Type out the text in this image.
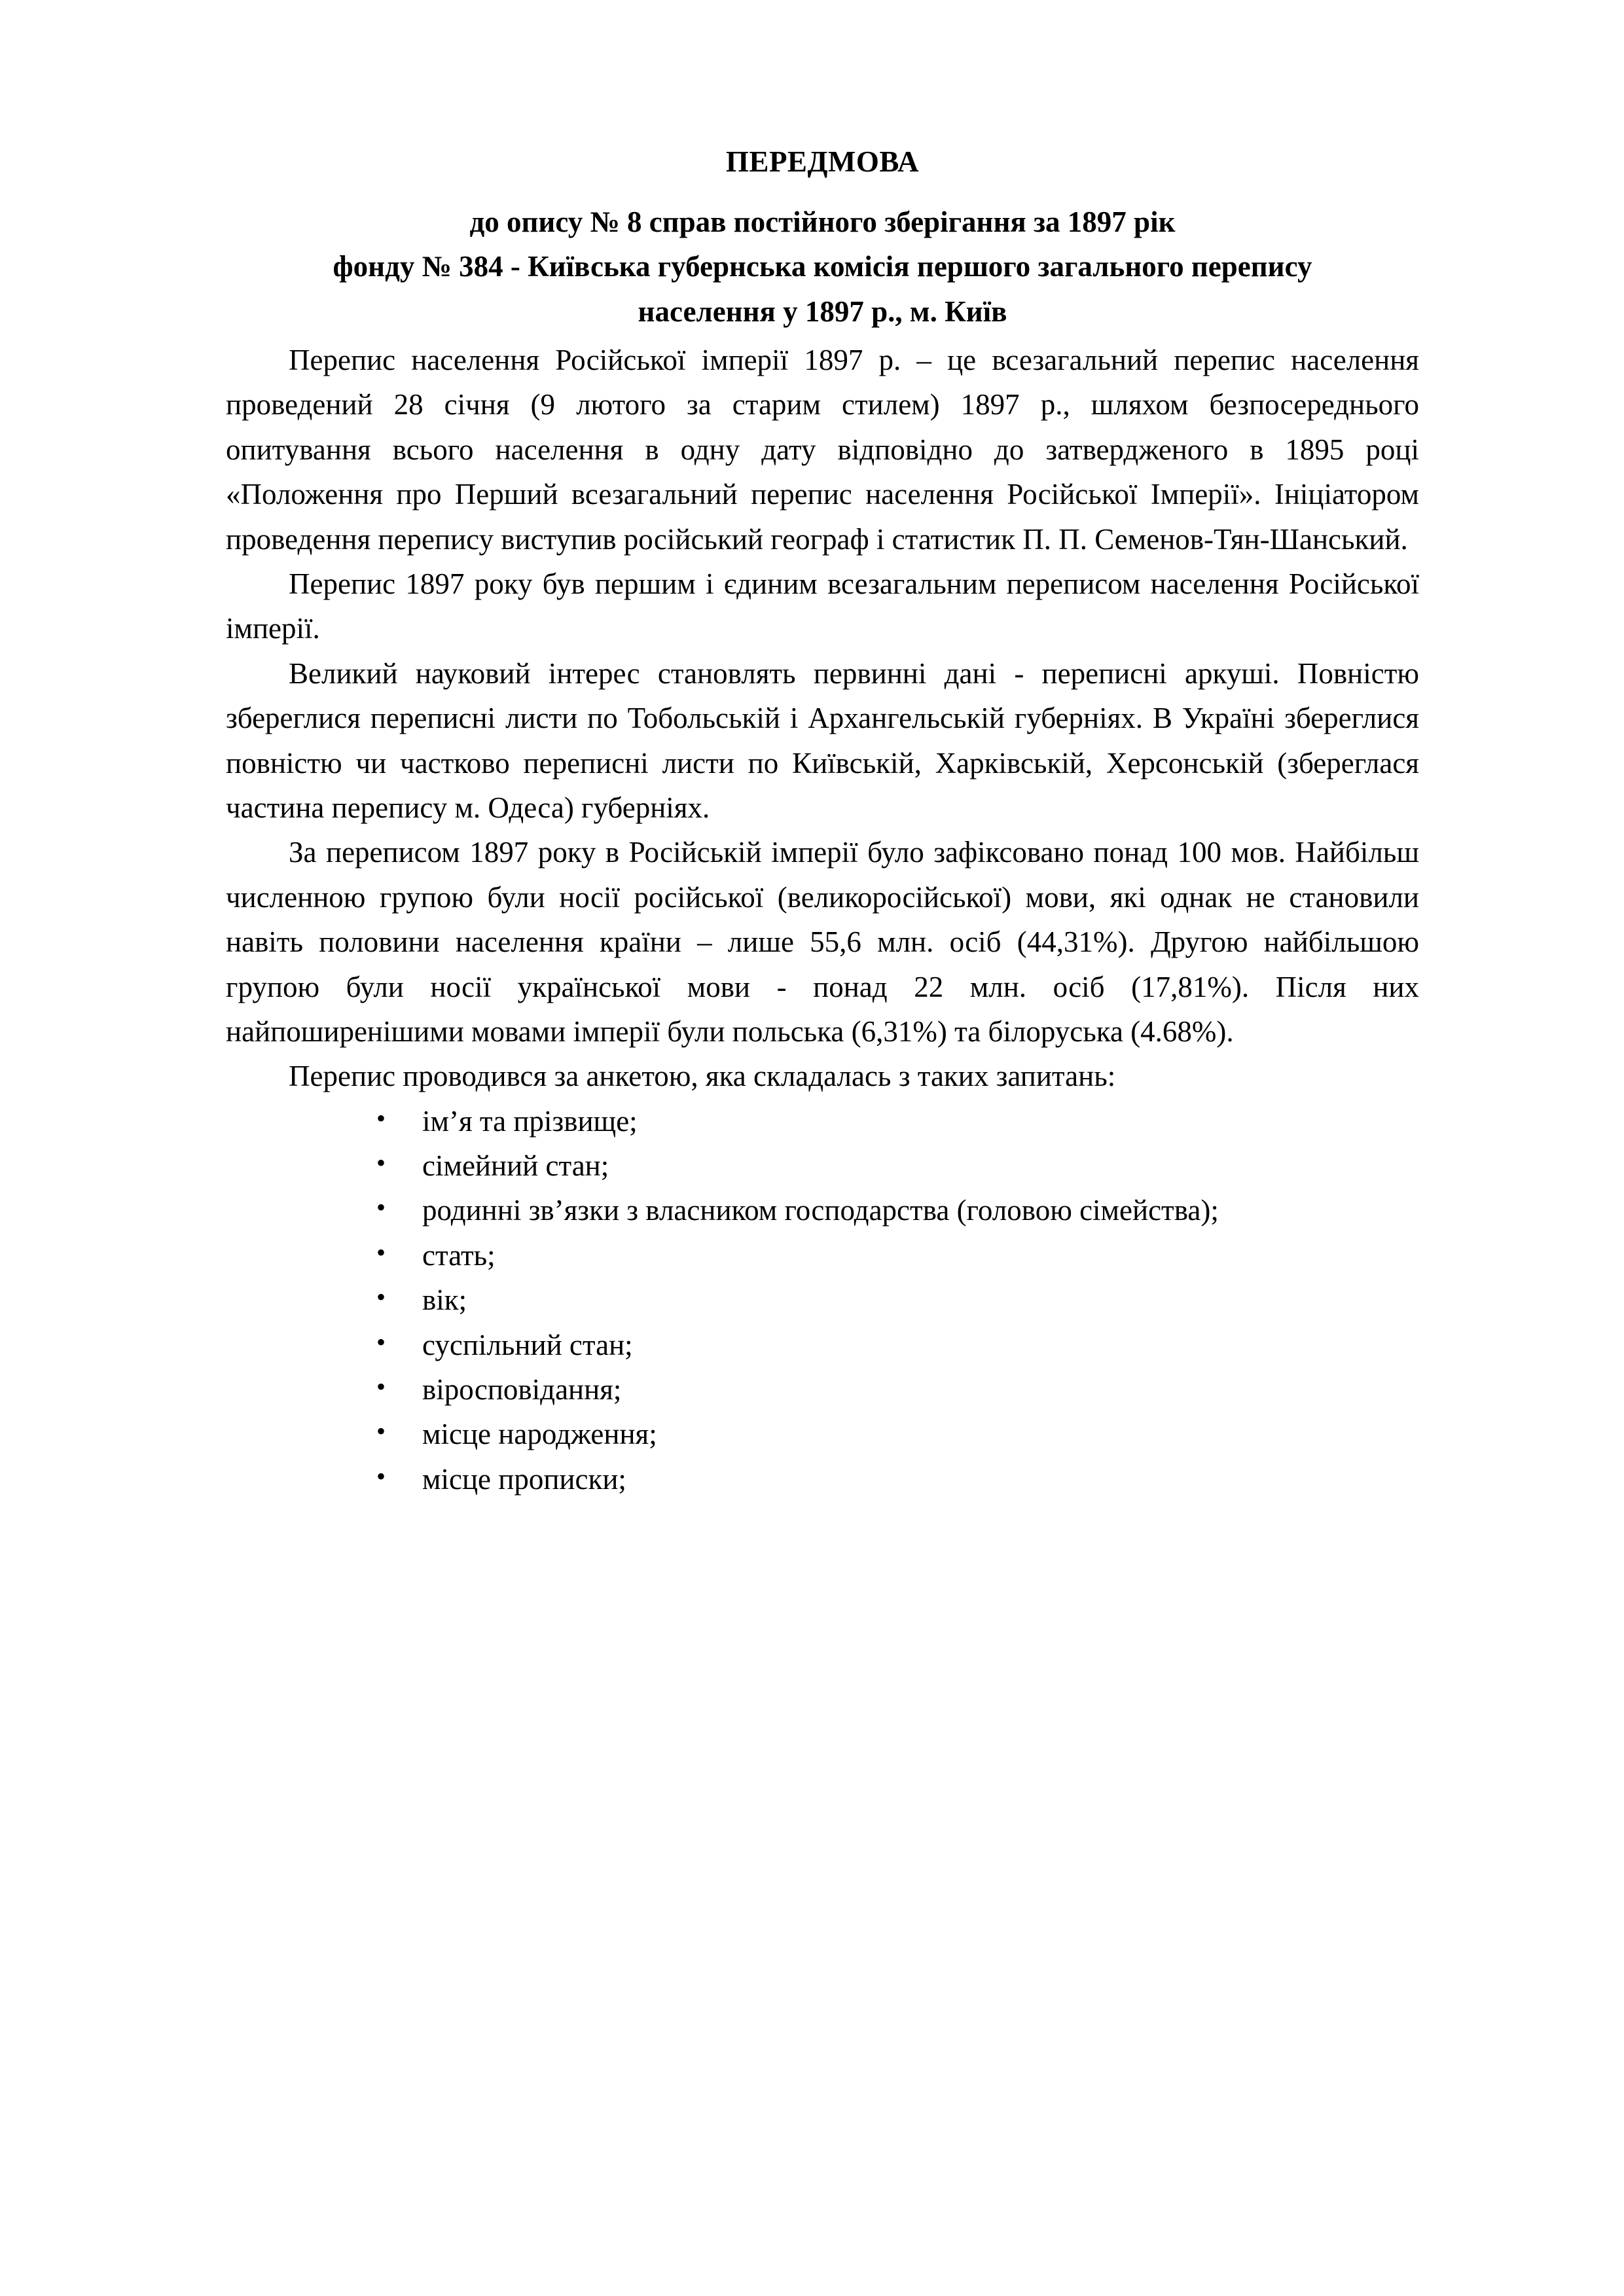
ПЕРЕДМОВА
до опису № 8 справ постійного зберігання за 1897 рік
фонду № 384 - Київська губернська комісія першого загального перепису
населення у 1897 р., м. Київ

Перепис населення Російської імперії 1897 р. – це всезагальний перепис населення проведений 28 січня (9 лютого за старим стилем) 1897 р., шляхом безпосереднього опитування всього населення в одну дату відповідно до затвердженого в 1895 році «Положення про Перший всезагальний перепис населення Російської Імперії». Ініціатором проведення перепису виступив російський географ і статистик П. П. Семенов-Тян-Шанський.

Перепис 1897 року був першим і єдиним всезагальним переписом населення Російської імперії.

Великий науковий інтерес становлять первинні дані - переписні аркуші. Повністю збереглися переписні листи по Тобольській і Архангельській губерніях. В Україні збереглися повністю чи частково переписні листи по Київській, Харківській, Херсонській (збереглася частина перепису м. Одеса) губерніях.

За переписом 1897 року в Російській імперії було зафіксовано понад 100 мов. Найбільш численною групою були носії російської (великоросійської) мови, які однак не становили навіть половини населення країни – лише 55,6 млн. осіб (44,31%). Другою найбільшою групою були носії української мови - понад 22 млн. осіб (17,81%). Після них найпоширенішими мовами імперії були польська (6,31%) та білоруська (4.68%).

Перепис проводився за анкетою, яка складалась з таких запитань:

• ім’я та прізвище;
• сімейний стан;
• родинні зв’язки з власником господарства (головою сімейства);
• стать;
• вік;
• суспільний стан;
• віросповідання;
• місце народження;
• місце прописки;
